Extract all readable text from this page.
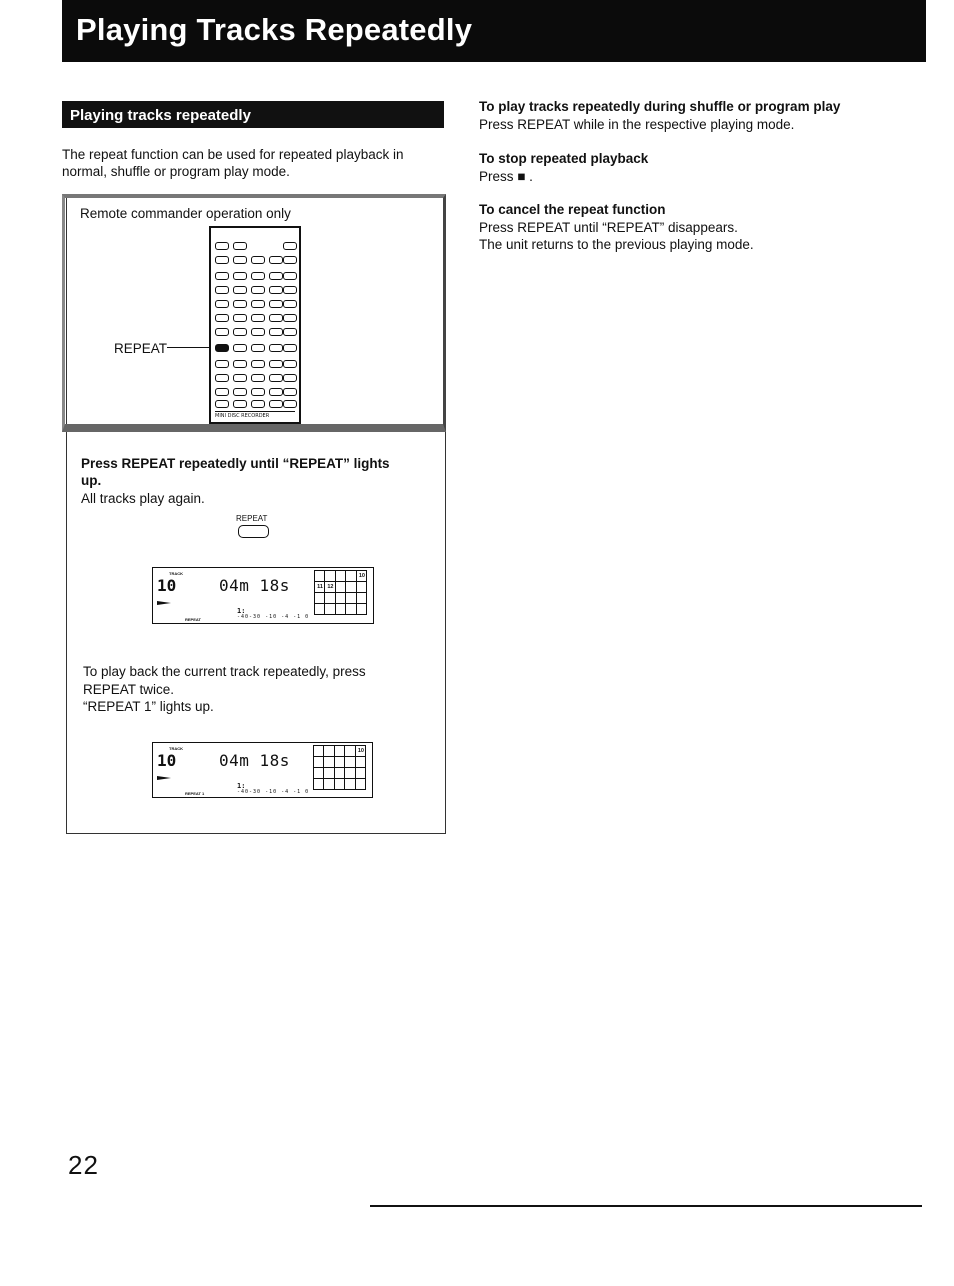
Playing Tracks Repeatedly
Playing tracks repeatedly
The repeat function can be used for repeated playback in
normal, shuffle or program play mode.
Remote commander operation only
MINI DISC RECORDER
REPEAT
Press REPEAT repeatedly until “REPEAT” lights
up.
All tracks play again.
REPEAT
TRACK
10	04m 18s
REPEAT
1:
-40-30 -10 -4 -1 0
10
11 12
To play back the current track repeatedly, press
REPEAT twice.
“REPEAT 1” lights up.
TRACK
10	04m 18s
REPEAT 1
1:
-40-30 -10 -4 -1 0
10
To play tracks repeatedly during shuffle or program play
Press REPEAT while in the respective playing mode.
To stop repeated playback
Press ■ .
To cancel the repeat function
Press REPEAT until “REPEAT” disappears.
The unit returns to the previous playing mode.
22
